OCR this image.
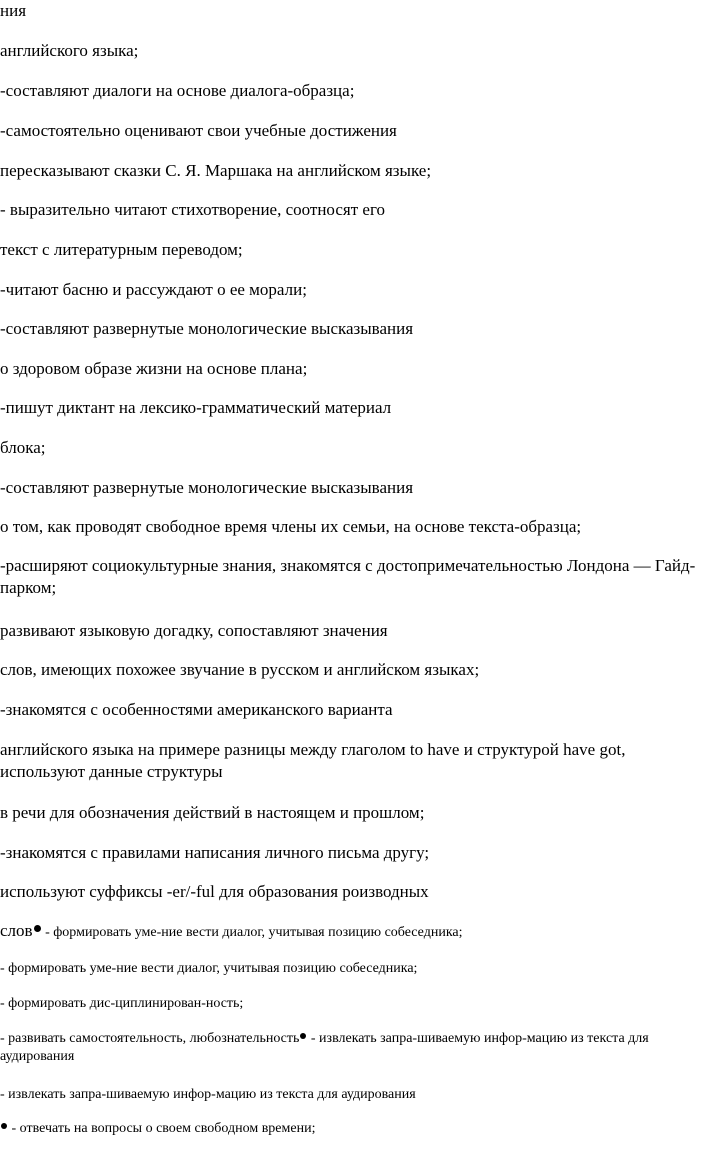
ния
английского языка;
-составляют диалоги на основе диалога-образца;
-самостоятельно оценивают свои учебные достижения
пересказывают сказки С. Я. Маршака на английском языке;
- выразительно читают стихотворение, соотносят его
текст с литературным переводом;
-читают басню и рассуждают о ее морали;
-составляют развернутые монологические высказывания
о здоровом образе жизни на основе плана;
-пишут диктант на лексико-грамматический материал
блока;
-составляют развернутые монологические высказывания
о том, как проводят свободное время члены их семьи, на основе текста-образца;
-расширяют социокультурные знания, знакомятся с достопримечательностью Лондона — Гайд-парком;
развивают языковую догадку, сопоставляют значения
слов, имеющих похожее звучание в русском и английском языках;
-знакомятся с особенностями американского варианта
английского языка на примере разницы между глаголом to have и структурой have got, используют данные структуры
в речи для обозначения действий в настоящем и прошлом;
-знакомятся с правилами написания личного письма другу;
используют суффиксы -er/-ful для образования роизводных
слов - формировать уме-ние вести диалог, учитывая позицию собеседника;
- формировать уме-ние вести диалог, учитывая позицию собеседника;
- формировать дис-циплинирован-ность;
- развивать самостоятельность, любознательность - извлекать запра-шиваемую инфор-мацию из текста для аудирования
- извлекать запра-шиваемую инфор-мацию из текста для аудирования
- отвечать на вопросы о своем свободном времени;
